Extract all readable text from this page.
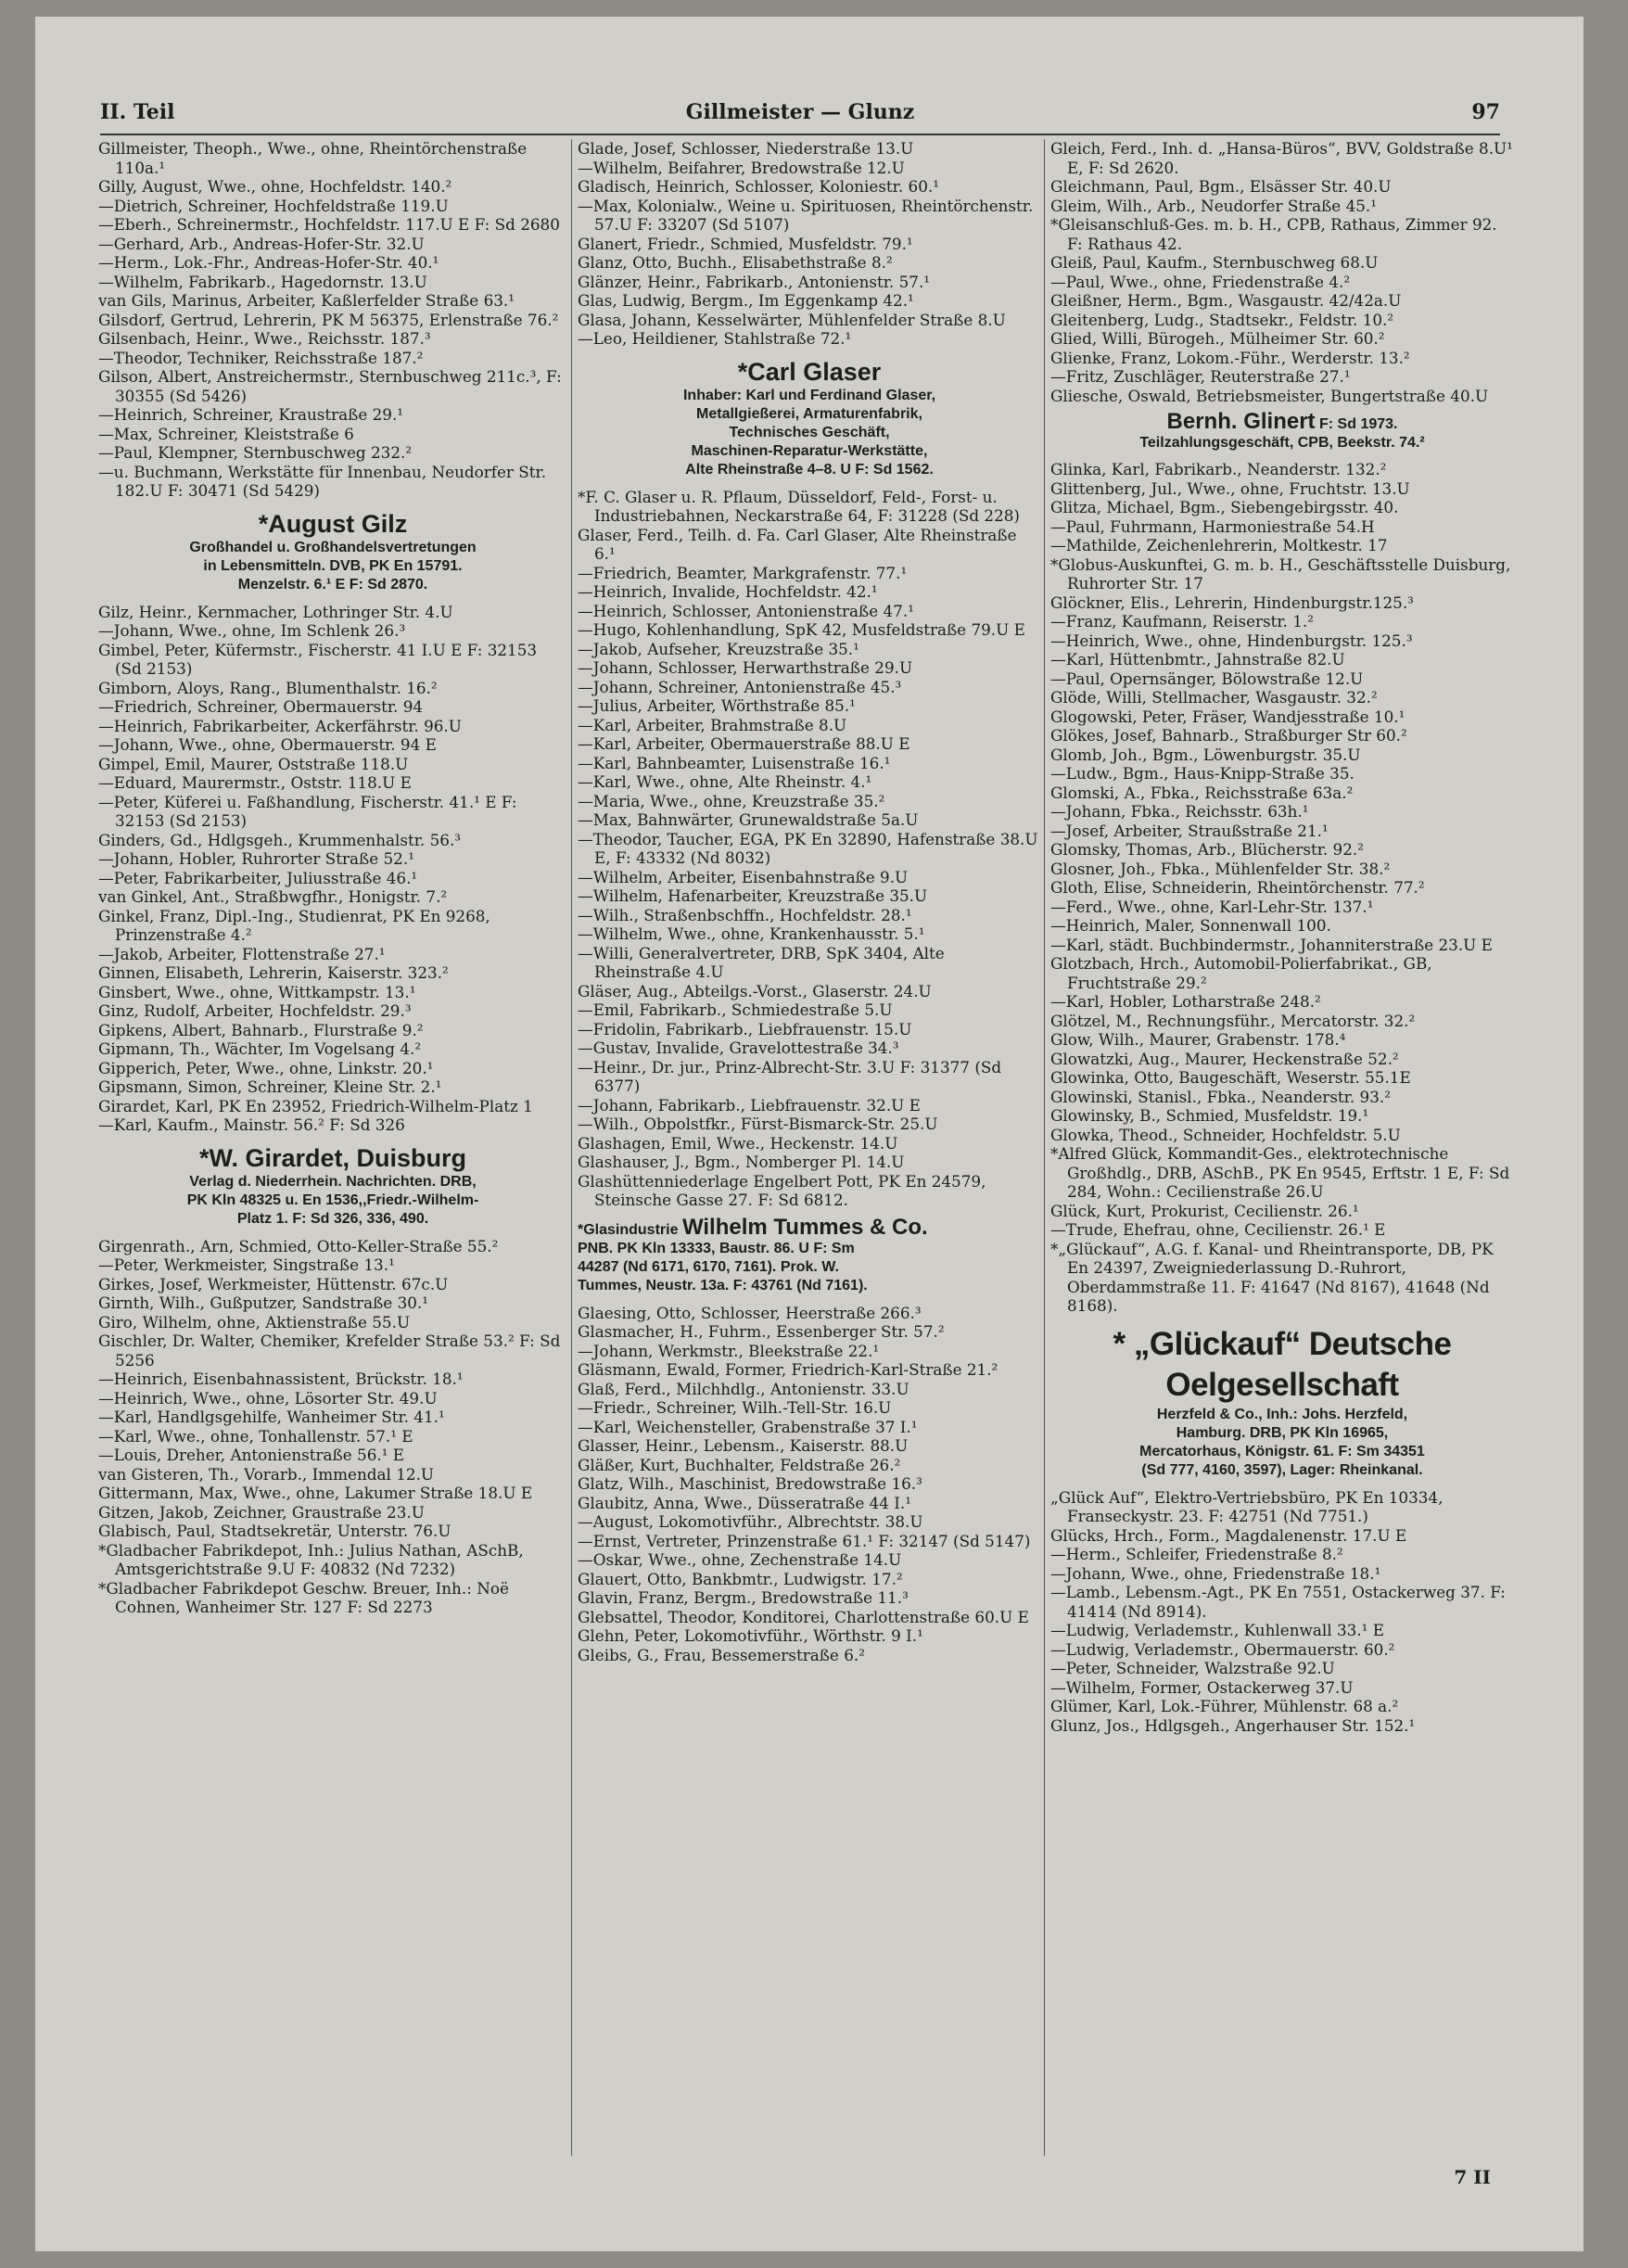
II. Teil	Gillmeister — Glunz	97
Gillmeister, Theoph., Wwe., ohne, Rheintörchenstraße 110a.¹
Gilly, August, Wwe., ohne, Hochfeldstr. 140.²
—Dietrich, Schreiner, Hochfeldstraße 119.U
—Eberh., Schreinermstr., Hochfeldstr. 117.U E F: Sd 2680
—Gerhard, Arb., Andreas-Hofer-Str. 32.U
—Herm., Lok.-Fhr., Andreas-Hofer-Str. 40.¹
—Wilhelm, Fabrikarb., Hagedornstr. 13.U
van Gils, Marinus, Arbeiter, Kaßlerfelder Straße 63.¹
Gilsdorf, Gertrud, Lehrerin, PK M 56375, Erlenstraße 76.²
Gilsenbach, Heinr., Wwe., Reichsstr. 187.³
—Theodor, Techniker, Reichsstraße 187.²
Gilson, Albert, Anstreichermstr., Sternbuschweg 211c.³, F: 30355 (Sd 5426)
—Heinrich, Schreiner, Kraustraße 29.¹
—Max, Schreiner, Kleiststraße 6
—Paul, Klempner, Sternbuschweg 232.²
—u. Buchmann, Werkstätte für Innenbau, Neudorfer Str. 182.U F: 30471 (Sd 5429)
*August Gilz
Großhandel u. Großhandelsvertretungen
in Lebensmitteln. DVB, PK En 15791.
Menzelstr. 6.¹ E F: Sd 2870.
Gilz, Heinr., Kernmacher, Lothringer Str. 4.U
—Johann, Wwe., ohne, Im Schlenk 26.³
Gimbel, Peter, Küfermstr., Fischerstr. 41 I.U E F: 32153 (Sd 2153)
Gimborn, Aloys, Rang., Blumenthalstr. 16.²
—Friedrich, Schreiner, Obermauerstr. 94
—Heinrich, Fabrikarbeiter, Ackerfährstr. 96.U
—Johann, Wwe., ohne, Obermauerstr. 94 E
Gimpel, Emil, Maurer, Oststraße 118.U
—Eduard, Maurermstr., Oststr. 118.U E
—Peter, Küferei u. Faßhandlung, Fischerstr. 41.¹ E F: 32153 (Sd 2153)
Ginders, Gd., Hdlgsgeh., Krummenhalstr. 56.³
—Johann, Hobler, Ruhrorter Straße 52.¹
—Peter, Fabrikarbeiter, Juliusstraße 46.¹
van Ginkel, Ant., Straßbwgfhr., Honigstr. 7.²
Ginkel, Franz, Dipl.-Ing., Studienrat, PK En 9268, Prinzenstraße 4.²
—Jakob, Arbeiter, Flottenstraße 27.¹
Ginnen, Elisabeth, Lehrerin, Kaiserstr. 323.²
Ginsbert, Wwe., ohne, Wittkampstr. 13.¹
Ginz, Rudolf, Arbeiter, Hochfeldstr. 29.³
Gipkens, Albert, Bahnarb., Flurstraße 9.²
Gipmann, Th., Wächter, Im Vogelsang 4.²
Gipperich, Peter, Wwe., ohne, Linkstr. 20.¹
Gipsmann, Simon, Schreiner, Kleine Str. 2.¹
Girardet, Karl, PK En 23952, Friedrich-Wilhelm-Platz 1
—Karl, Kaufm., Mainstr. 56.² F: Sd 326
*W. Girardet, Duisburg
Verlag d. Niederrhein. Nachrichten. DRB,
PK Kln 48325 u. En 1536,,Friedr.-Wilhelm-
Platz 1. F: Sd 326, 336, 490.
Girgenrath., Arn, Schmied, Otto-Keller-Straße 55.²
—Peter, Werkmeister, Singstraße 13.¹
Girkes, Josef, Werkmeister, Hüttenstr. 67c.U
Girnth, Wilh., Gußputzer, Sandstraße 30.¹
Giro, Wilhelm, ohne, Aktienstraße 55.U
Gischler, Dr. Walter, Chemiker, Krefelder Straße 53.² F: Sd 5256
—Heinrich, Eisenbahnassistent, Brückstr. 18.¹
—Heinrich, Wwe., ohne, Lösorter Str. 49.U
—Karl, Handlgsgehilfe, Wanheimer Str. 41.¹
—Karl, Wwe., ohne, Tonhallenstr. 57.¹ E
—Louis, Dreher, Antonienstraße 56.¹ E
van Gisteren, Th., Vorarb., Immendal 12.U
Gittermann, Max, Wwe., ohne, Lakumer Straße 18.U E
Gitzen, Jakob, Zeichner, Graustraße 23.U
Glabisch, Paul, Stadtsekretär, Unterstr. 76.U
*Gladbacher Fabrikdepot, Inh.: Julius Nathan, ASchB, Amtsgerichtstraße 9.U F: 40832 (Nd 7232)
*Gladbacher Fabrikdepot Geschw. Breuer, Inh.: Noë Cohnen, Wanheimer Str. 127 F: Sd 2273
Glade, Josef, Schlosser, Niederstraße 13.U
—Wilhelm, Beifahrer, Bredowstraße 12.U
Gladisch, Heinrich, Schlosser, Koloniestr. 60.¹
—Max, Kolonialw., Weine u. Spirituosen, Rheintörchenstr. 57.U F: 33207 (Sd 5107)
Glanert, Friedr., Schmied, Musfeldstr. 79.¹
Glanz, Otto, Buchh., Elisabethstraße 8.²
Glänzer, Heinr., Fabrikarb., Antonienstr. 57.¹
Glas, Ludwig, Bergm., Im Eggenkamp 42.¹
Glasa, Johann, Kesselwärter, Mühlenfelder Straße 8.U
—Leo, Heildiener, Stahlstraße 72.¹
*Carl Glaser
Inhaber: Karl und Ferdinand Glaser,
Metallgießerei, Armaturenfabrik,
Technisches Geschäft,
Maschinen-Reparatur-Werkstätte,
Alte Rheinstraße 4–8. U F: Sd 1562.
*F. C. Glaser u. R. Pflaum, Düsseldorf, Feld-, Forst- u. Industriebahnen, Neckarstraße 64, F: 31228 (Sd 228)
Glaser, Ferd., Teilh. d. Fa. Carl Glaser, Alte Rheinstraße 6.¹
—Friedrich, Beamter, Markgrafenstr. 77.¹
—Heinrich, Invalide, Hochfeldstr. 42.¹
—Heinrich, Schlosser, Antonienstraße 47.¹
—Hugo, Kohlenhandlung, SpK 42, Musfeldstraße 79.U E
—Jakob, Aufseher, Kreuzstraße 35.¹
—Johann, Schlosser, Herwarthstraße 29.U
—Johann, Schreiner, Antonienstraße 45.³
—Julius, Arbeiter, Wörthstraße 85.¹
—Karl, Arbeiter, Brahmstraße 8.U
—Karl, Arbeiter, Obermauerstraße 88.U E
—Karl, Bahnbeamter, Luisenstraße 16.¹
—Karl, Wwe., ohne, Alte Rheinstr. 4.¹
—Maria, Wwe., ohne, Kreuzstraße 35.²
—Max, Bahnwärter, Grunewaldstraße 5a.U
—Theodor, Taucher, EGA, PK En 32890, Hafenstraße 38.U E, F: 43332 (Nd 8032)
—Wilhelm, Arbeiter, Eisenbahnstraße 9.U
—Wilhelm, Hafenarbeiter, Kreuzstraße 35.U
—Wilh., Straßenbschffn., Hochfeldstr. 28.¹
—Wilhelm, Wwe., ohne, Krankenhausstr. 5.¹
—Willi, Generalvertreter, DRB, SpK 3404, Alte Rheinstraße 4.U
Gläser, Aug., Abteilgs.-Vorst., Glaserstr. 24.U
—Emil, Fabrikarb., Schmiedestraße 5.U
—Fridolin, Fabrikarb., Liebfrauenstr. 15.U
—Gustav, Invalide, Gravelottestraße 34.³
—Heinr., Dr. jur., Prinz-Albrecht-Str. 3.U F: 31377 (Sd 6377)
—Johann, Fabrikarb., Liebfrauenstr. 32.U E
—Wilh., Obpolstfkr., Fürst-Bismarck-Str. 25.U
Glashagen, Emil, Wwe., Heckenstr. 14.U
Glashauser, J., Bgm., Nomberger Pl. 14.U
Glashüttenniederlage Engelbert Pott, PK En 24579, Steinsche Gasse 27. F: Sd 6812.
*Glasindustrie Wilhelm Tummes & Co.
PNB. PK Kln 13333, Baustr. 86. U F: Sm
44287 (Nd 6171, 6170, 7161). Prok. W.
Tummes, Neustr. 13a. F: 43761 (Nd 7161).
Glaesing, Otto, Schlosser, Heerstraße 266.³
Glasmacher, H., Fuhrm., Essenberger Str. 57.²
—Johann, Werkmstr., Bleekstraße 22.¹
Gläsmann, Ewald, Former, Friedrich-Karl-Straße 21.²
Glaß, Ferd., Milchhdlg., Antonienstr. 33.U
—Friedr., Schreiner, Wilh.-Tell-Str. 16.U
—Karl, Weichensteller, Grabenstraße 37 I.¹
Glasser, Heinr., Lebensm., Kaiserstr. 88.U
Gläßer, Kurt, Buchhalter, Feldstraße 26.²
Glatz, Wilh., Maschinist, Bredowstraße 16.³
Glaubitz, Anna, Wwe., Düsseratraße 44 I.¹
—August, Lokomotivführ., Albrechtstr. 38.U
—Ernst, Vertreter, Prinzenstraße 61.¹ F: 32147 (Sd 5147)
—Oskar, Wwe., ohne, Zechenstraße 14.U
Glauert, Otto, Bankbmtr., Ludwigstr. 17.²
Glavin, Franz, Bergm., Bredowstraße 11.³
Glebsattel, Theodor, Konditorei, Charlottenstraße 60.U E
Glehn, Peter, Lokomotivführ., Wörthstr. 9 I.¹
Gleibs, G., Frau, Bessemerstraße 6.²
Gleich, Ferd., Inh. d. „Hansa-Büros“, BVV, Goldstraße 8.U¹ E, F: Sd 2620.
Gleichmann, Paul, Bgm., Elsässer Str. 40.U
Gleim, Wilh., Arb., Neudorfer Straße 45.¹
*Gleisanschluß-Ges. m. b. H., CPB, Rathaus, Zimmer 92. F: Rathaus 42.
Gleiß, Paul, Kaufm., Sternbuschweg 68.U
—Paul, Wwe., ohne, Friedenstraße 4.²
Gleißner, Herm., Bgm., Wasgaustr. 42/42a.U
Gleitenberg, Ludg., Stadtsekr., Feldstr. 10.²
Glied, Willi, Bürogeh., Mülheimer Str. 60.²
Glienke, Franz, Lokom.-Führ., Werderstr. 13.²
—Fritz, Zuschläger, Reuterstraße 27.¹
Gliesche, Oswald, Betriebsmeister, Bungertstraße 40.U
Bernh. Glinert F: Sd 1973.
Teilzahlungsgeschäft, CPB, Beekstr. 74.²
Glinka, Karl, Fabrikarb., Neanderstr. 132.²
Glittenberg, Jul., Wwe., ohne, Fruchtstr. 13.U
Glitza, Michael, Bgm., Siebengebirgsstr. 40.
—Paul, Fuhrmann, Harmoniestraße 54.H
—Mathilde, Zeichenlehrerin, Moltkestr. 17
*Globus-Auskunftei, G. m. b. H., Geschäftsstelle Duisburg, Ruhrorter Str. 17
Glöckner, Elis., Lehrerin, Hindenburgstr.125.³
—Franz, Kaufmann, Reiserstr. 1.²
—Heinrich, Wwe., ohne, Hindenburgstr. 125.³
—Karl, Hüttenbmtr., Jahnstraße 82.U
—Paul, Opernsänger, Bölowstraße 12.U
Glöde, Willi, Stellmacher, Wasgaustr. 32.²
Glogowski, Peter, Fräser, Wandjesstraße 10.¹
Glökes, Josef, Bahnarb., Straßburger Str 60.²
Glomb, Joh., Bgm., Löwenburgstr. 35.U
—Ludw., Bgm., Haus-Knipp-Straße 35.
Glomski, A., Fbka., Reichsstraße 63a.²
—Johann, Fbka., Reichsstr. 63h.¹
—Josef, Arbeiter, Straußstraße 21.¹
Glomsky, Thomas, Arb., Blücherstr. 92.²
Glosner, Joh., Fbka., Mühlenfelder Str. 38.²
Gloth, Elise, Schneiderin, Rheintörchenstr. 77.²
—Ferd., Wwe., ohne, Karl-Lehr-Str. 137.¹
—Heinrich, Maler, Sonnenwall 100.
—Karl, städt. Buchbindermstr., Johanniterstraße 23.U E
Glotzbach, Hrch., Automobil-Polierfabrikat., GB, Fruchtstraße 29.²
—Karl, Hobler, Lotharstraße 248.²
Glötzel, M., Rechnungsführ., Mercatorstr. 32.²
Glow, Wilh., Maurer, Grabenstr. 178.⁴
Glowatzki, Aug., Maurer, Heckenstraße 52.²
Glowinka, Otto, Baugeschäft, Weserstr. 55.1E
Glowinski, Stanisl., Fbka., Neanderstr. 93.²
Glowinsky, B., Schmied, Musfeldstr. 19.¹
Glowka, Theod., Schneider, Hochfeldstr. 5.U
*Alfred Glück, Kommandit-Ges., elektrotechnische Großhdlg., DRB, ASchB., PK En 9545, Erftstr. 1 E, F: Sd 284, Wohn.: Cecilienstraße 26.U
Glück, Kurt, Prokurist, Cecilienstr. 26.¹
—Trude, Ehefrau, ohne, Cecilienstr. 26.¹ E
*„Glückauf“, A.G. f. Kanal- und Rheintransporte, DB, PK En 24397, Zweigniederlassung D.-Ruhrort, Oberdammstraße 11. F: 41647 (Nd 8167), 41648 (Nd 8168).
* „Glückauf“ Deutsche Oelgesellschaft
Herzfeld & Co., Inh.: Johs. Herzfeld,
Hamburg. DRB, PK Kln 16965,
Mercatorhaus, Königstr. 61. F: Sm 34351
(Sd 777, 4160, 3597), Lager: Rheinkanal.
„Glück Auf“, Elektro-Vertriebsbüro, PK En 10334, Franseckystr. 23. F: 42751 (Nd 7751.)
Glücks, Hrch., Form., Magdalenenstr. 17.U E
—Herm., Schleifer, Friedenstraße 8.²
—Johann, Wwe., ohne, Friedenstraße 18.¹
—Lamb., Lebensm.-Agt., PK En 7551, Ostackerweg 37. F: 41414 (Nd 8914).
—Ludwig, Verlademstr., Kuhlenwall 33.¹ E
—Ludwig, Verlademstr., Obermauerstr. 60.²
—Peter, Schneider, Walzstraße 92.U
—Wilhelm, Former, Ostackerweg 37.U
Glümer, Karl, Lok.-Führer, Mühlenstr. 68 a.²
Glunz, Jos., Hdlgsgeh., Angerhauser Str. 152.¹
7 II
